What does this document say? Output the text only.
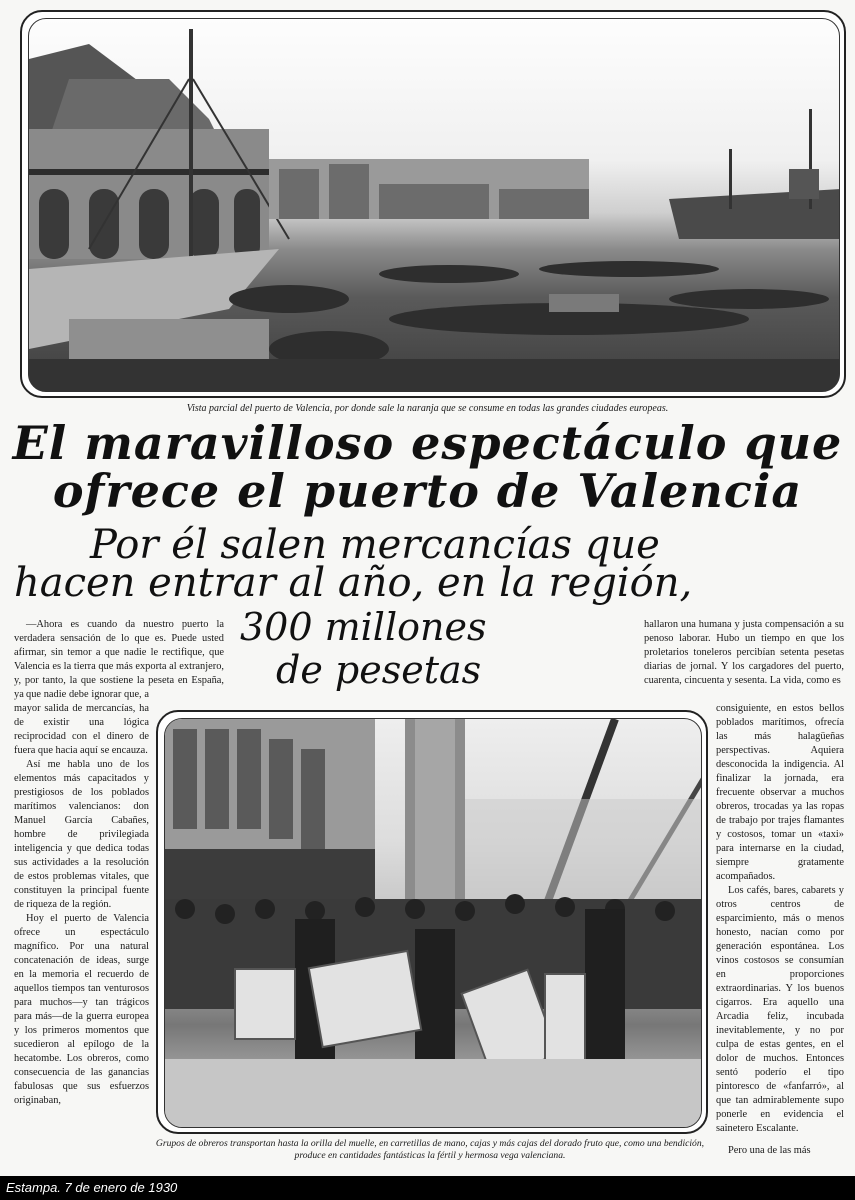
Vista parcial del puerto de Valencia, por donde sale la naranja que se consume en todas las grandes ciudades europeas.
El maravilloso espectáculo que
ofrece el puerto de Valencia
Por él salen mercancías que
hacen entrar al año, en la región,
300 millones
de pesetas

—Ahora es cuando da nuestro puerto la verdadera sensación de lo que es. Puede usted afirmar, sin temor a que nadie le rectifique, que Valencia es la tierra que más exporta al extranjero, y, por tanto, la que sostiene la peseta en España, ya que nadie debe ignorar que, a mayor salida de mercancías, ha de existir una lógica reciprocidad con el dinero de fuera que hacia aquí se encauza.

Así me habla uno de los elementos más capacitados y prestigiosos de los poblados marítimos valencianos: don Manuel García Cabañes, hombre de privilegiada inteligencia y que dedica todas sus actividades a la resolución de estos problemas vitales, que constituyen la principal fuente de riqueza de la región.

Hoy el puerto de Valencia ofrece un espectáculo magnífico. Por una natural concatenación de ideas, surge en la memoria el recuerdo de aquellos tiempos tan venturosos para muchos—y tan trágicos para más—de la guerra europea y los primeros momentos que sucedieron al epílogo de la hecatombe. Los obreros, como consecuencia de las ganancias fabulosas que sus esfuerzos originaban,

hallaron una humana y justa compensación a su penoso laborar. Hubo un tiempo en que los proletarios toneleros percibían setenta pesetas diarias de jornal. Y los cargadores del puerto, cuarenta, cincuenta y sesenta. La vida, como es

consiguiente, en estos bellos poblados marítimos, ofrecía las más halagüeñas perspectivas. Aquiera desconocida la indigencia. Al finalizar la jornada, era frecuente observar a muchos obreros, trocadas ya las ropas de trabajo por trajes flamantes y costosos, tomar un «taxi» para internarse en la ciudad, siempre gratamente acompañados.

Los cafés, bares, cabarets y otros centros de esparcimiento, más o menos honesto, nacían como por generación espontánea. Los vinos costosos se consumían en proporciones extraordinarias. Y los buenos cigarros. Era aquello una Arcadia feliz, incubada inevitablemente, y no por culpa de estas gentes, en el dolor de muchos. Entonces sentó poderío el tipo pintoresco de «fanfarró», al que tan admirablemente supo ponerle en evidencia el sainetero Escalante.

Pero una de las más

Grupos de obreros transportan hasta la orilla del muelle, en carretillas de mano, cajas y más cajas del dorado fruto que, como una bendición, produce en cantidades fantásticas la fértil y hermosa vega valenciana.
Estampa. 7 de enero de 1930
